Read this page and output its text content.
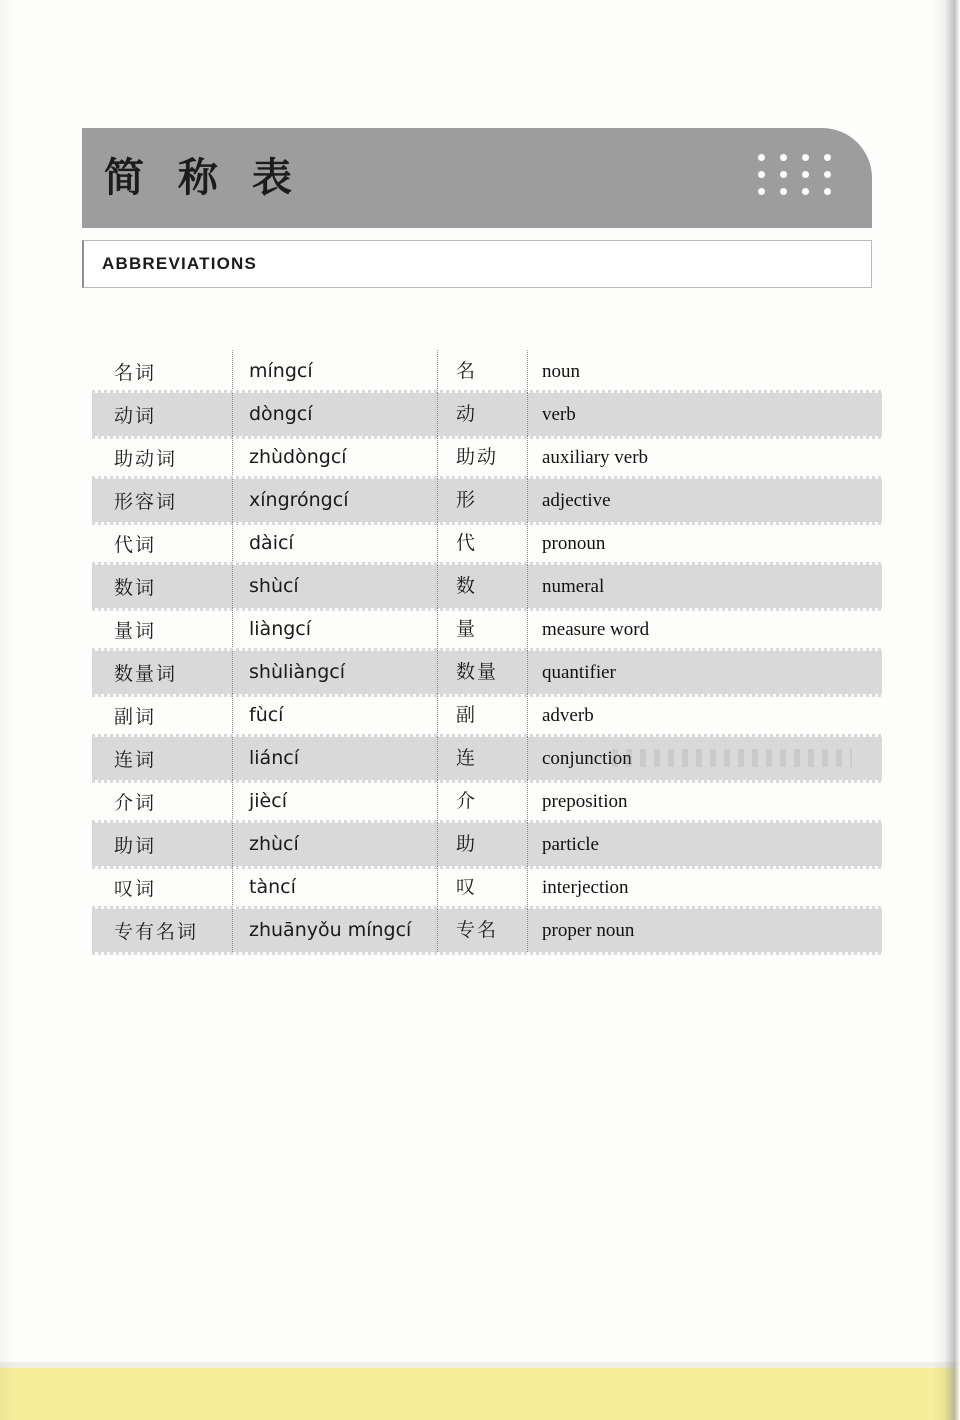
简 称 表
ABBREVIATIONS
名词	míngcí	名	noun
动词	dòngcí	动	verb
助动词	zhùdòngcí	助动	auxiliary verb
形容词	xíngróngcí	形	adjective
代词	dàicí	代	pronoun
数词	shùcí	数	numeral
量词	liàngcí	量	measure word
数量词	shùliàngcí	数量	quantifier
副词	fùcí	副	adverb
连词	liáncí	连	conjunction
介词	jiècí	介	preposition
助词	zhùcí	助	particle
叹词	tàncí	叹	interjection
专有名词	zhuānyǒu míngcí	专名	proper noun
